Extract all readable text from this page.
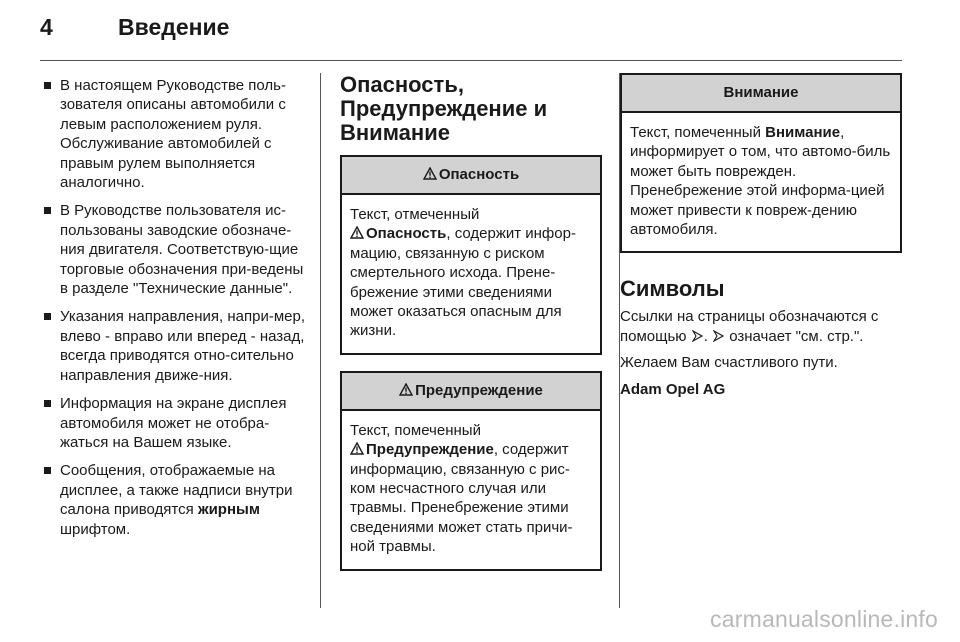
4	Введение
В настоящем Руководстве поль-зователя описаны автомобили с левым расположением руля. Обслуживание автомобилей с правым рулем выполняется аналогично.
В Руководстве пользователя ис-пользованы заводские обозначе-ния двигателя. Соответствую-щие торговые обозначения при-ведены в разделе "Технические данные".
Указания направления, напри-мер, влево - вправо или вперед - назад, всегда приводятся отно-сительно направления движе-ния.
Информация на экране дисплея автомобиля может не отобра-жаться на Вашем языке.
Сообщения, отображаемые на дисплее, а также надписи внутри салона приводятся жирным шрифтом.
Опасность, Предупреждение и Внимание
Опасность
Текст, отмеченный
Опасность, содержит инфор-мацию, связанную с риском смертельного исхода. Прене-брежение этими сведениями может оказаться опасным для жизни.
Предупреждение
Текст, помеченный
Предупреждение, содержит информацию, связанную с рис-ком несчастного случая или травмы. Пренебрежение этими сведениями может стать причи-ной травмы.
Внимание
Текст, помеченный Внимание, информирует о том, что автомо-биль может быть поврежден. Пренебрежение этой информа-цией может привести к повреж-дению автомобиля.
Символы

Ссылки на страницы обозначаются с помощью .  означает "см. стр.".

Желаем Вам счастливого пути.

Adam Opel AG

carmanualsonline.info
